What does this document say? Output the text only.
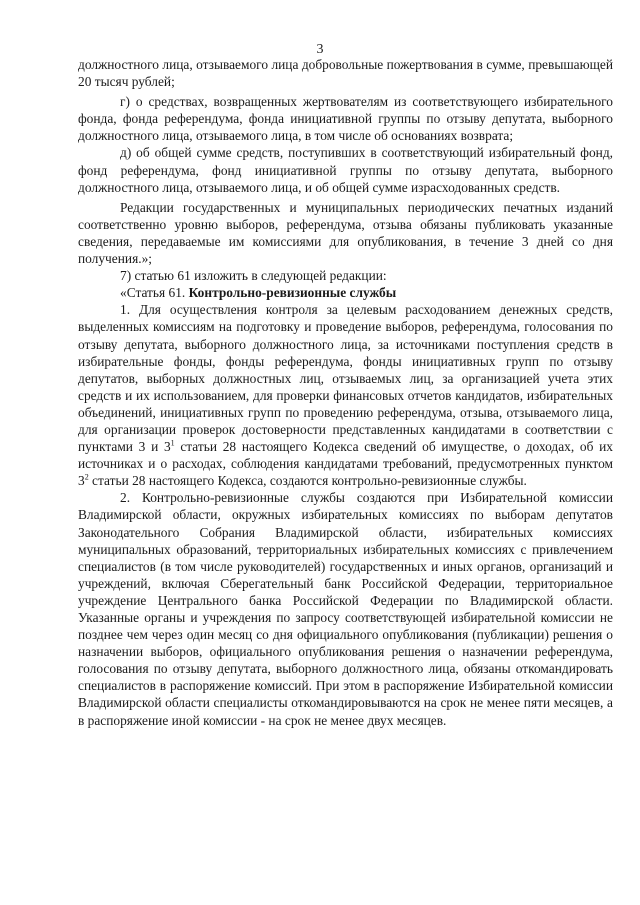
3

должностного лица, отзываемого лица добровольные пожертвования в сумме, превышающей 20 тысяч рублей;

г) о средствах, возвращенных жертвователям из соответствующего избирательного фонда, фонда референдума, фонда инициативной группы по отзыву депутата, выборного должностного лица, отзываемого лица, в том числе об основаниях возврата;

д) об общей сумме средств, поступивших в соответствующий избирательный фонд, фонд референдума, фонд инициативной группы по отзыву депутата, выборного должностного лица, отзываемого лица, и об общей сумме израсходованных средств.

Редакции государственных и муниципальных периодических печатных изданий соответственно уровню выборов, референдума, отзыва обязаны публиковать указанные сведения, передаваемые им комиссиями для опубликования, в течение 3 дней со дня получения.»;

7) статью 61 изложить в следующей редакции:

«Статья 61. Контрольно-ревизионные службы

1. Для осуществления контроля за целевым расходованием денежных средств, выделенных комиссиям на подготовку и проведение выборов, референдума, голосования по отзыву депутата, выборного должностного лица, за источниками поступления средств в избирательные фонды, фонды референдума, фонды инициативных групп по отзыву депутатов, выборных должностных лиц, отзываемых лиц, за организацией учета этих средств и их использованием, для проверки финансовых отчетов кандидатов, избирательных объединений, инициативных групп по проведению референдума, отзыва, отзываемого лица, для организации проверок достоверности представленных кандидатами в соответствии с пунктами 3 и $3^1$ статьи 28 настоящего Кодекса сведений об имуществе, о доходах, об их источниках и о расходах, соблюдения кандидатами требований, предусмотренных пунктом $3^2$ статьи 28 настоящего Кодекса, создаются контрольно-ревизионные службы.

2. Контрольно-ревизионные службы создаются при Избирательной комиссии Владимирской области, окружных избирательных комиссиях по выборам депутатов Законодательного Собрания Владимирской области, избирательных комиссиях муниципальных образований, территориальных избирательных комиссиях с привлечением специалистов (в том числе руководителей) государственных и иных органов, организаций и учреждений, включая Сберегательный банк Российской Федерации, территориальное учреждение Центрального банка Российской Федерации по Владимирской области. Указанные органы и учреждения по запросу соответствующей избирательной комиссии не позднее чем через один месяц со дня официального опубликования (публикации) решения о назначении выборов, официального опубликования решения о назначении референдума, голосования по отзыву депутата, выборного должностного лица, обязаны откомандировать специалистов в распоряжение комиссий. При этом в распоряжение Избирательной комиссии Владимирской области специалисты откомандировываются на срок не менее пяти месяцев, а в распоряжение иной комиссии - на срок не менее двух месяцев.
